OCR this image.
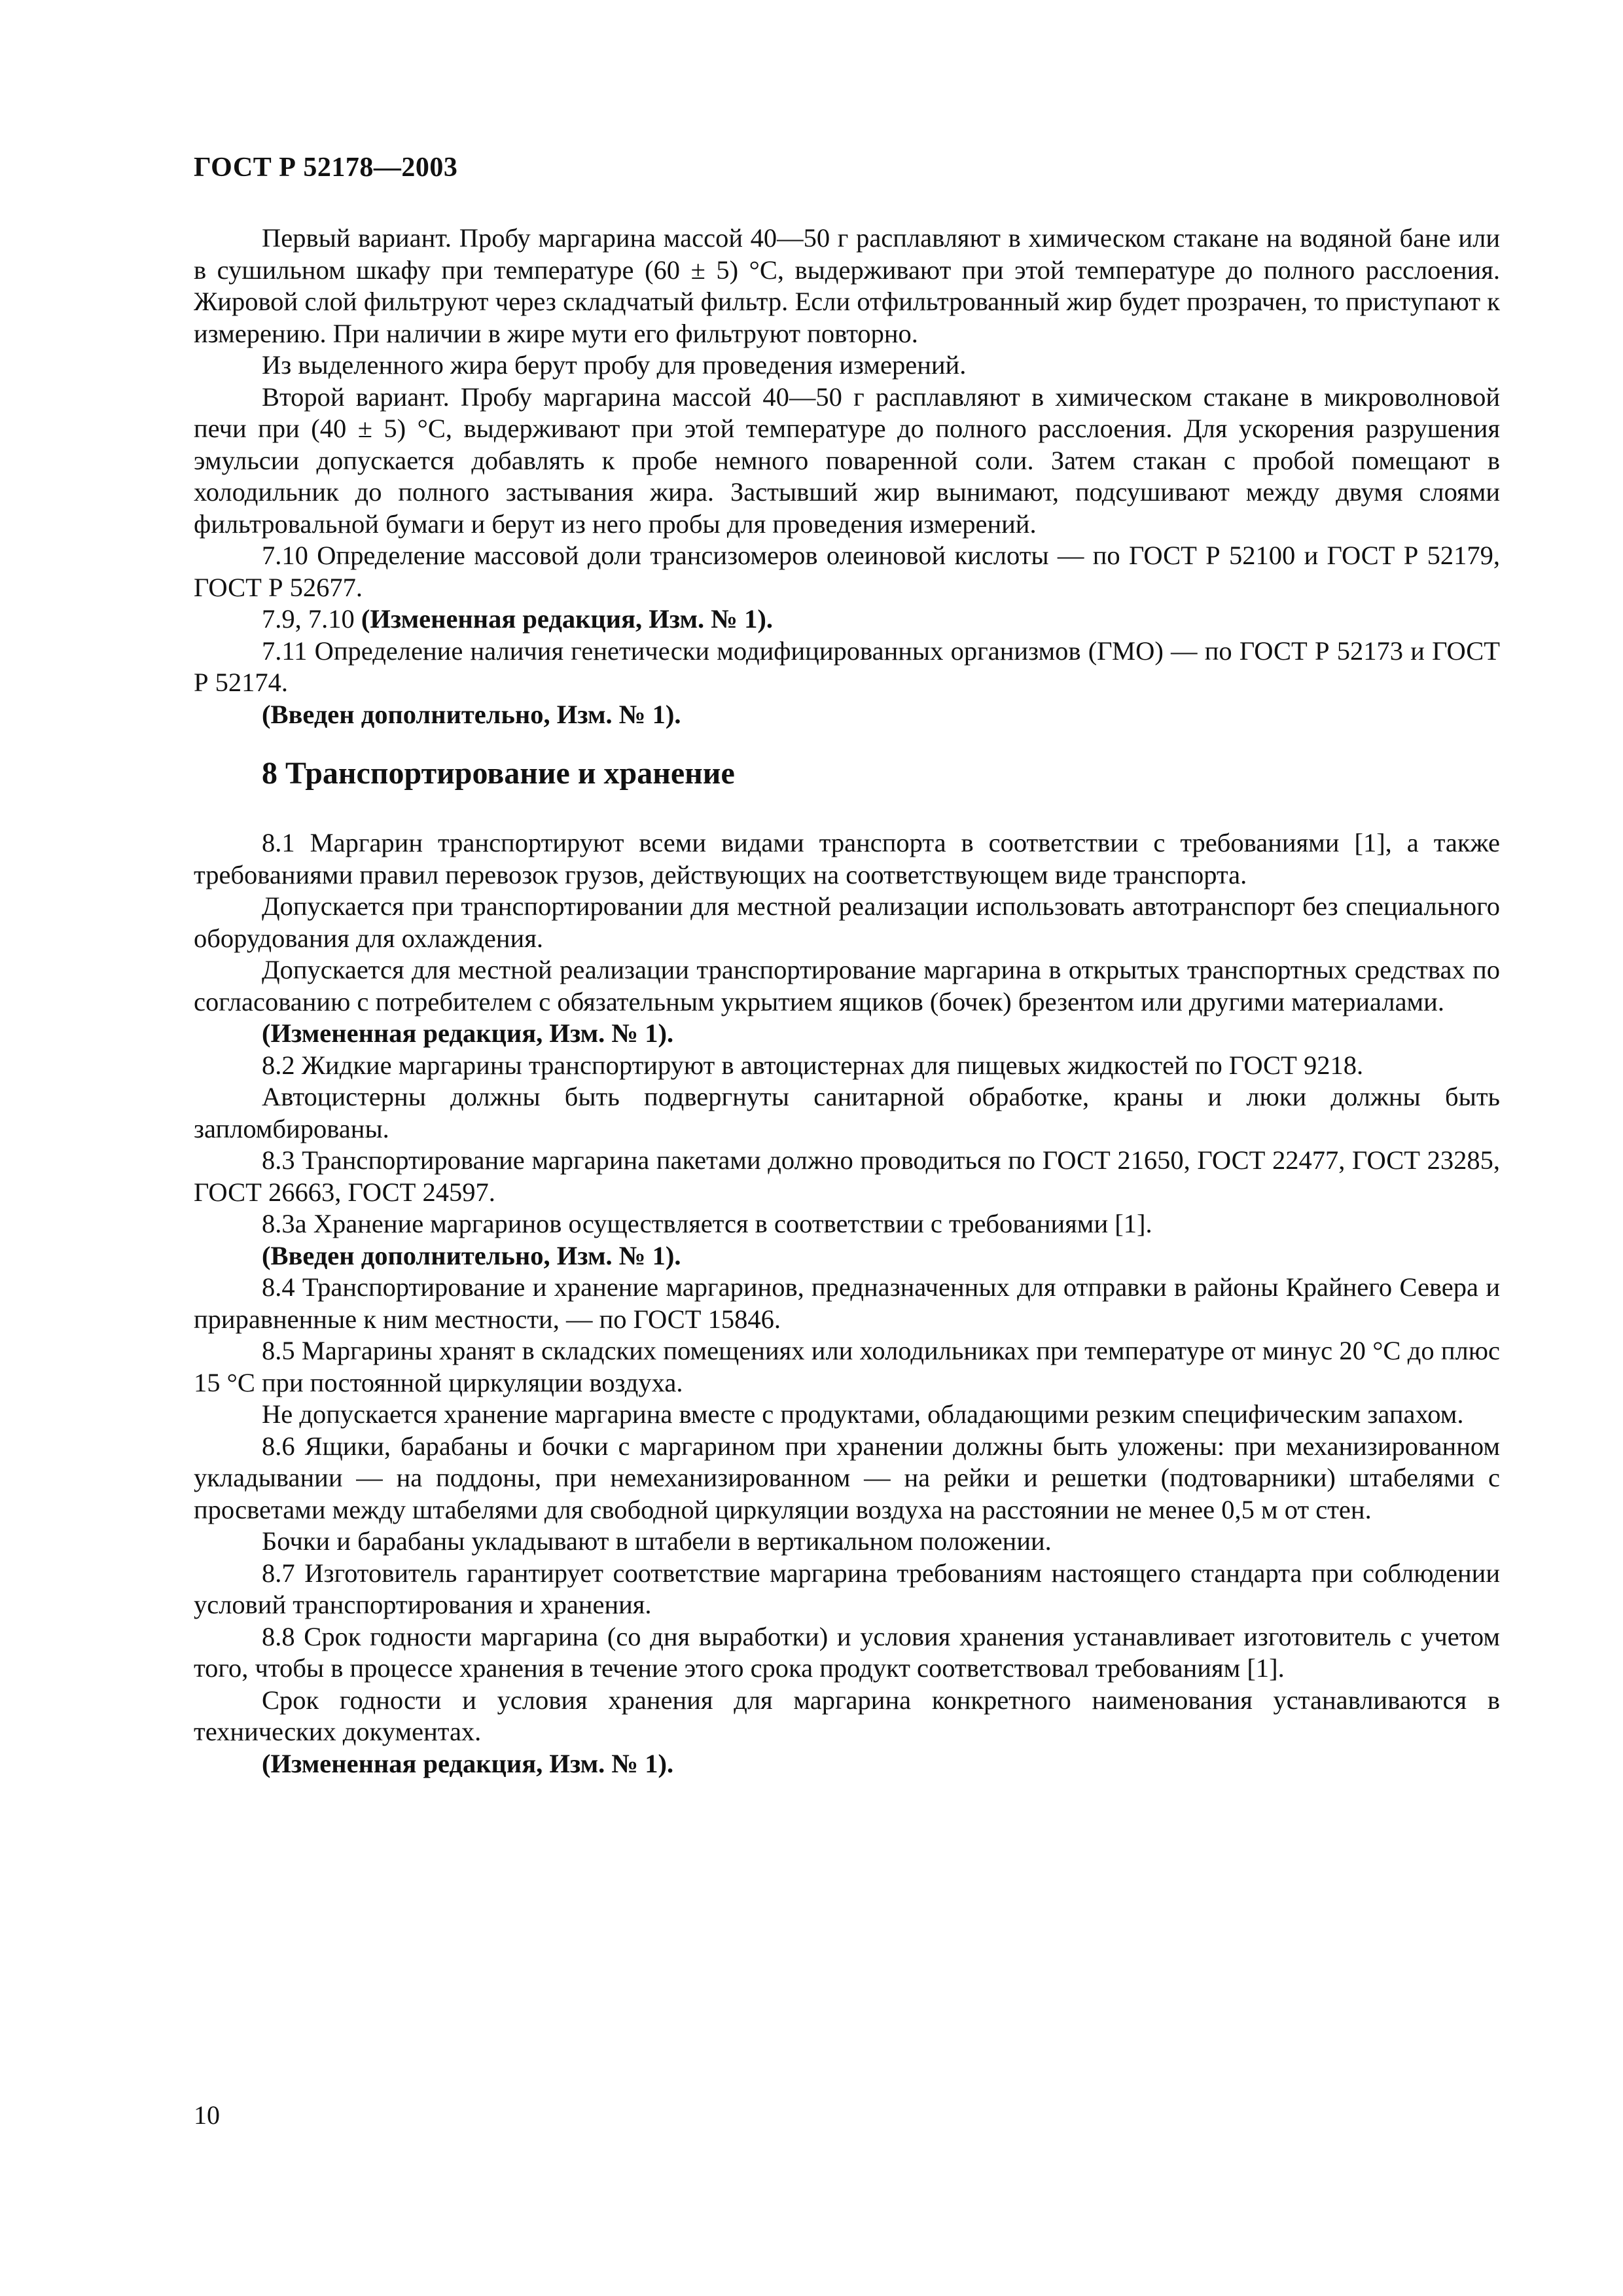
ГОСТ Р 52178—2003

Первый вариант. Пробу маргарина массой 40—50 г расплавляют в химическом стакане на водяной бане или в сушильном шкафу при температуре (60 ± 5) °С, выдерживают при этой температуре до полного расслоения. Жировой слой фильтруют через складчатый фильтр. Если отфильтрованный жир будет прозрачен, то приступают к измерению. При наличии в жире мути его фильтруют повторно.

Из выделенного жира берут пробу для проведения измерений.

Второй вариант. Пробу маргарина массой 40—50 г расплавляют в химическом стакане в микроволновой печи при (40 ± 5) °С, выдерживают при этой температуре до полного расслоения. Для ускорения разрушения эмульсии допускается добавлять к пробе немного поваренной соли. Затем стакан с пробой помещают в холодильник до полного застывания жира. Застывший жир вынимают, подсушивают между двумя слоями фильтровальной бумаги и берут из него пробы для проведения измерений.

7.10 Определение массовой доли трансизомеров олеиновой кислоты — по ГОСТ Р 52100 и ГОСТ Р 52179, ГОСТ Р 52677.

7.9, 7.10 (Измененная редакция, Изм. № 1).

7.11 Определение наличия генетически модифицированных организмов (ГМО) — по ГОСТ Р 52173 и ГОСТ Р 52174.

(Введен дополнительно, Изм. № 1).

8 Транспортирование и хранение

8.1 Маргарин транспортируют всеми видами транспорта в соответствии с требованиями [1], а также требованиями правил перевозок грузов, действующих на соответствующем виде транспорта.

Допускается при транспортировании для местной реализации использовать автотранспорт без специального оборудования для охлаждения.

Допускается для местной реализации транспортирование маргарина в открытых транспортных средствах по согласованию с потребителем с обязательным укрытием ящиков (бочек) брезентом или другими материалами.

(Измененная редакция, Изм. № 1).

8.2 Жидкие маргарины транспортируют в автоцистернах для пищевых жидкостей по ГОСТ 9218.

Автоцистерны должны быть подвергнуты санитарной обработке, краны и люки должны быть запломбированы.

8.3 Транспортирование маргарина пакетами должно проводиться по ГОСТ 21650, ГОСТ 22477, ГОСТ 23285, ГОСТ 26663, ГОСТ 24597.

8.3а Хранение маргаринов осуществляется в соответствии с требованиями [1].

(Введен дополнительно, Изм. № 1).

8.4 Транспортирование и хранение маргаринов, предназначенных для отправки в районы Крайнего Севера и приравненные к ним местности, — по ГОСТ 15846.

8.5 Маргарины хранят в складских помещениях или холодильниках при температуре от минус 20 °С до плюс 15 °С при постоянной циркуляции воздуха.

Не допускается хранение маргарина вместе с продуктами, обладающими резким специфическим запахом.

8.6 Ящики, барабаны и бочки с маргарином при хранении должны быть уложены: при механизированном укладывании — на поддоны, при немеханизированном — на рейки и решетки (подтоварники) штабелями с просветами между штабелями для свободной циркуляции воздуха на расстоянии не менее 0,5 м от стен.

Бочки и барабаны укладывают в штабели в вертикальном положении.

8.7 Изготовитель гарантирует соответствие маргарина требованиям настоящего стандарта при соблюдении условий транспортирования и хранения.

8.8 Срок годности маргарина (со дня выработки) и условия хранения устанавливает изготовитель с учетом того, чтобы в процессе хранения в течение этого срока продукт соответствовал требованиям [1].

Срок годности и условия хранения для маргарина конкретного наименования устанавливаются в технических документах.

(Измененная редакция, Изм. № 1).

10
